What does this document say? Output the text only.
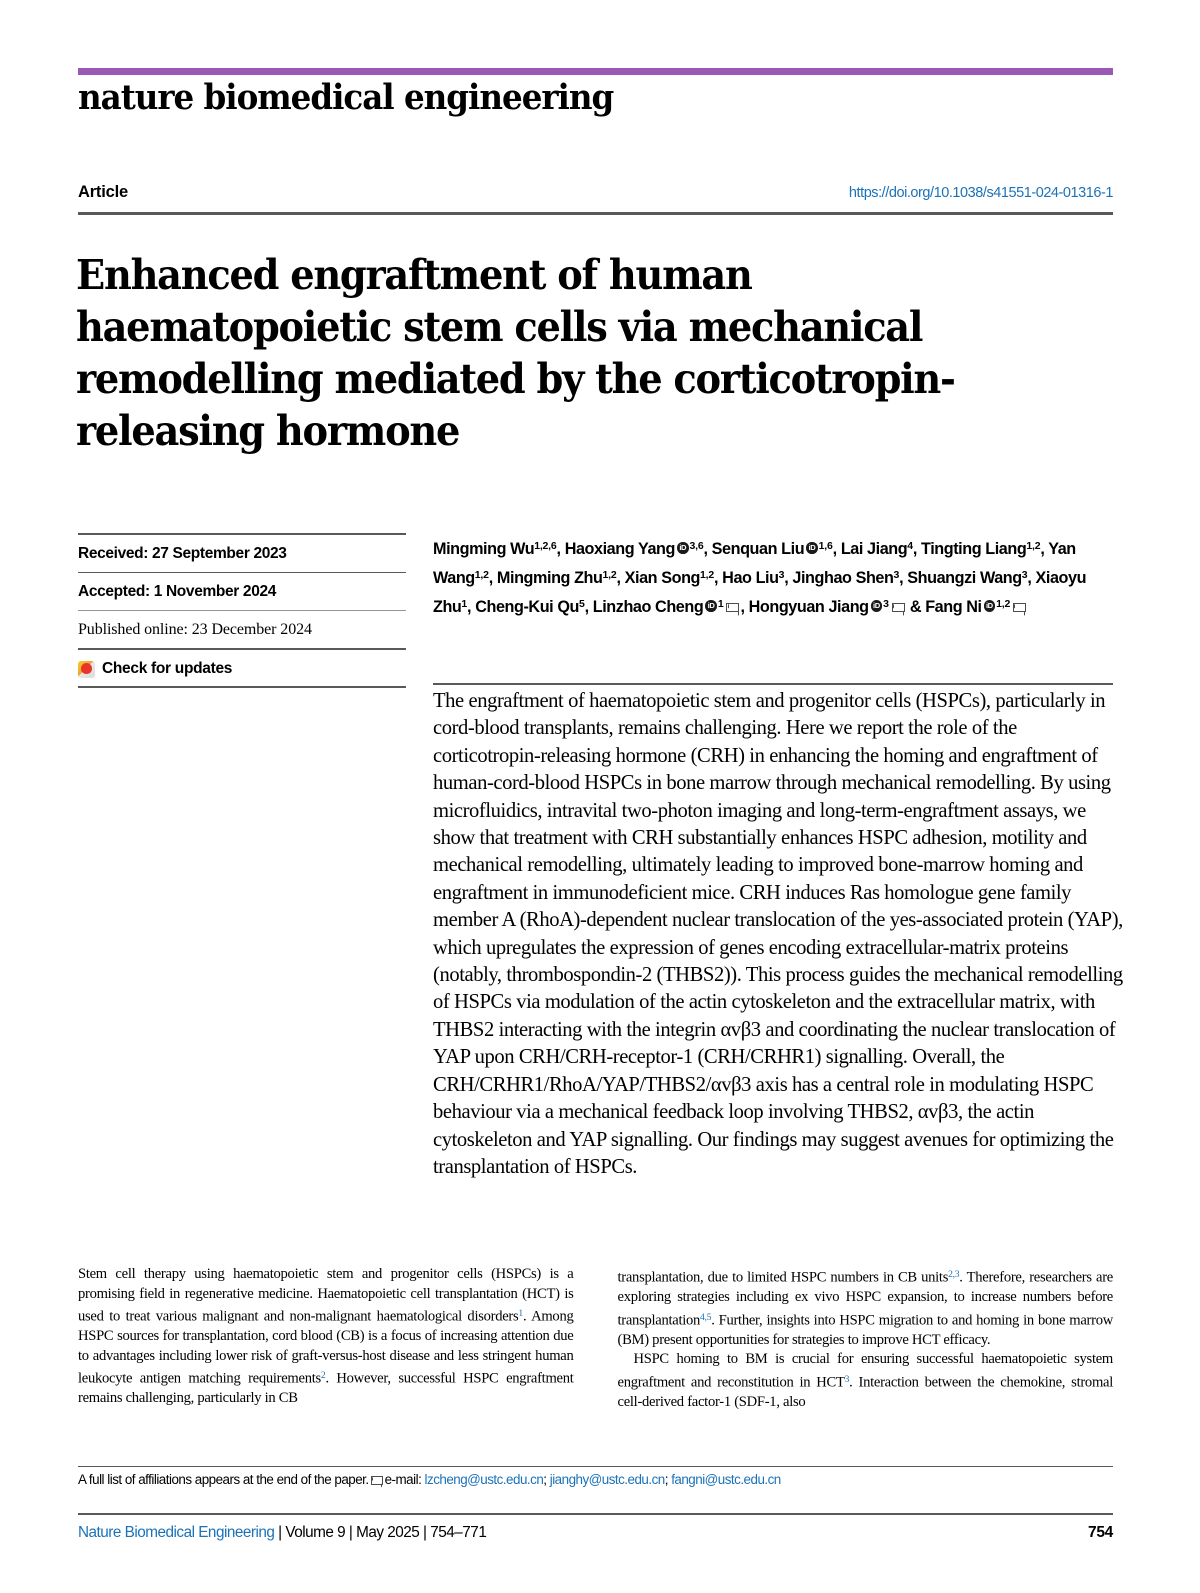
nature biomedical engineering
Article	https://doi.org/10.1038/s41551-024-01316-1
Enhanced engraftment of human haematopoietic stem cells via mechanical remodelling mediated by the corticotropin-releasing hormone
Received: 27 September 2023
Accepted: 1 November 2024
Published online: 23 December 2024
Check for updates
Mingming Wu$^{1,2,6}$, Haoxiang Yang iD $^{3,6}$, Senquan Liu iD $^{1,6}$, Lai Jiang$^4$, Tingting Liang$^{1,2}$, Yan Wang$^{1,2}$, Mingming Zhu$^{1,2}$, Xian Song$^{1,2}$, Hao Liu$^3$, Jinghao Shen$^3$, Shuangzi Wang$^3$, Xiaoyu Zhu$^1$, Cheng-Kui Qu$^5$, Linzhao Cheng iD $^1$ , Hongyuan Jiang iD $^3$ & Fang Ni iD $^{1,2}$
The engraftment of haematopoietic stem and progenitor cells (HSPCs), particularly in cord-blood transplants, remains challenging. Here we report the role of the corticotropin-releasing hormone (CRH) in enhancing the homing and engraftment of human-cord-blood HSPCs in bone marrow through mechanical remodelling. By using microfluidics, intravital two-photon imaging and long-term-engraftment assays, we show that treatment with CRH substantially enhances HSPC adhesion, motility and mechanical remodelling, ultimately leading to improved bone-marrow homing and engraftment in immunodeficient mice. CRH induces Ras homologue gene family member A (RhoA)-dependent nuclear translocation of the yes-associated protein (YAP), which upregulates the expression of genes encoding extracellular-matrix proteins (notably, thrombospondin-2 (THBS2)). This process guides the mechanical remodelling of HSPCs via modulation of the actin cytoskeleton and the extracellular matrix, with THBS2 interacting with the integrin αvβ3 and coordinating the nuclear translocation of YAP upon CRH/CRH-receptor-1 (CRH/CRHR1) signalling. Overall, the CRH/CRHR1/RhoA/YAP/THBS2/αvβ3 axis has a central role in modulating HSPC behaviour via a mechanical feedback loop involving THBS2, αvβ3, the actin cytoskeleton and YAP signalling. Our findings may suggest avenues for optimizing the transplantation of HSPCs.

Stem cell therapy using haematopoietic stem and progenitor cells (HSPCs) is a promising field in regenerative medicine. Haematopoietic cell transplantation (HCT) is used to treat various malignant and non-malignant haematological disorders$^1$. Among HSPC sources for transplantation, cord blood (CB) is a focus of increasing attention due to advantages including lower risk of graft-versus-host disease and less stringent human leukocyte antigen matching requirements$^2$. However, successful HSPC engraftment remains challenging, particularly in CB

transplantation, due to limited HSPC numbers in CB units$^{2,3}$. Therefore, researchers are exploring strategies including ex vivo HSPC expansion, to increase numbers before transplantation$^{4,5}$. Further, insights into HSPC migration to and homing in bone marrow (BM) present opportunities for strategies to improve HCT efficacy.

HSPC homing to BM is crucial for ensuring successful haematopoietic system engraftment and reconstitution in HCT$^3$. Interaction between the chemokine, stromal cell-derived factor-1 (SDF-1, also

A full list of affiliations appears at the end of the paper. e-mail: lzcheng@ustc.edu.cn; jianghy@ustc.edu.cn; fangni@ustc.edu.cn
Nature Biomedical Engineering | Volume 9 | May 2025 | 754–771	754
